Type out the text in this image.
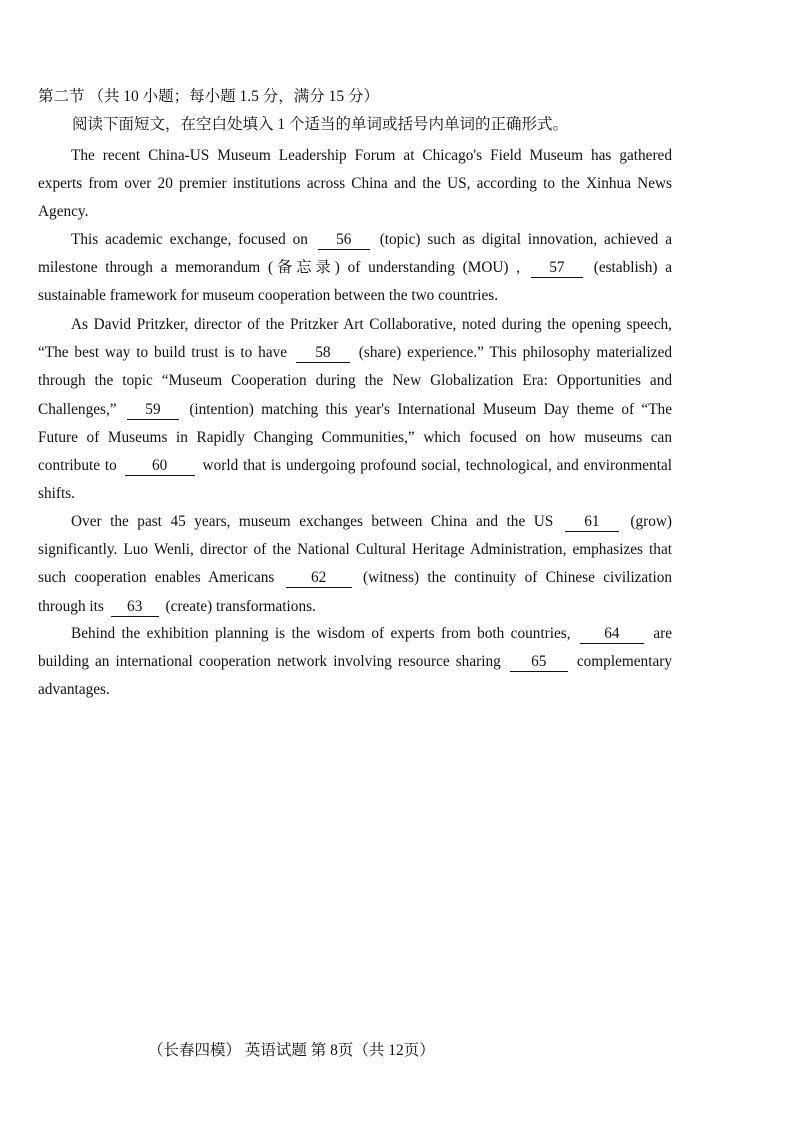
第二节 （共 10 小题；每小题 1.5 分，满分 15 分）
阅读下面短文，在空白处填入 1 个适当的单词或括号内单词的正确形式。

The recent China-US Museum Leadership Forum at Chicago's Field Museum has gathered experts from over 20 premier institutions across China and the US, according to the Xinhua News Agency.

This academic exchange, focused on 56 (topic) such as digital innovation, achieved a milestone through a memorandum (备忘录) of understanding (MOU) , 57 (establish) a sustainable framework for museum cooperation between the two countries.

As David Pritzker, director of the Pritzker Art Collaborative, noted during the opening speech, “The best way to build trust is to have 58 (share) experience.” This philosophy materialized through the topic “Museum Cooperation during the New Globalization Era: Opportunities and Challenges,” 59 (intention) matching this year's International Museum Day theme of “The Future of Museums in Rapidly Changing Communities,” which focused on how museums can contribute to 60 world that is undergoing profound social, technological, and environmental shifts.

Over the past 45 years, museum exchanges between China and the US 61 (grow) significantly. Luo Wenli, director of the National Cultural Heritage Administration, emphasizes that such cooperation enables Americans 62 (witness) the continuity of Chinese civilization through its 63 (create) transformations.

Behind the exhibition planning is the wisdom of experts from both countries, 64 are building an international cooperation network involving resource sharing 65 complementary advantages.

（长春四模） 英语试题 第 8页（共 12页）
